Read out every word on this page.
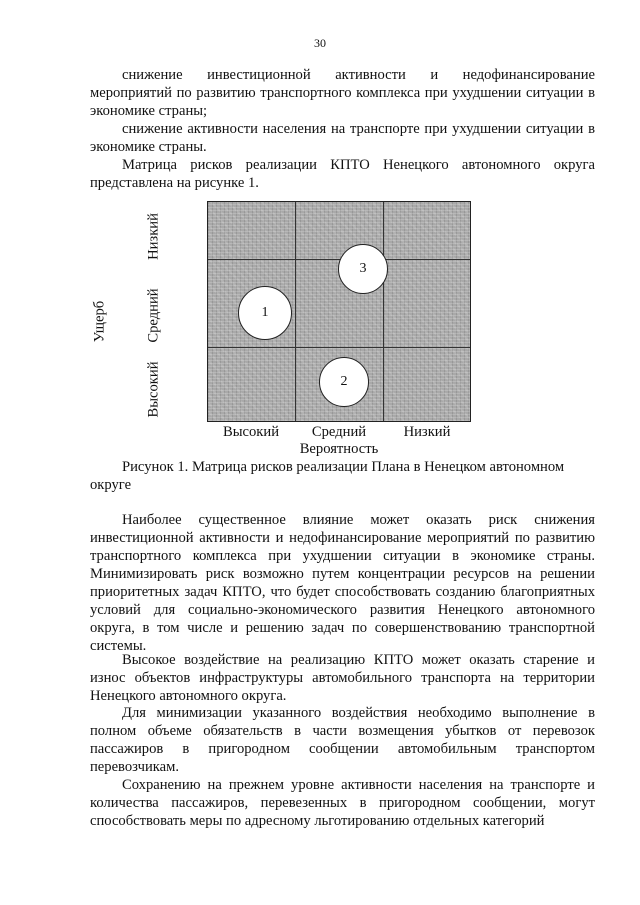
30

снижение инвестиционной активности и недофинансирование мероприятий по развитию транспортного комплекса при ухудшении ситуации в экономике страны;

снижение активности населения на транспорте при ухудшении ситуации в экономике страны.

Матрица рисков реализации КПТО Ненецкого автономного округа представлена на рисунке 1.

Ущерб
Низкий
Средний
Высокий
1
2
3
Высокий	Средний	Низкий
Вероятность

Рисунок 1. Матрица рисков реализации Плана в Ненецком автономном округе

Наиболее существенное влияние может оказать риск снижения инвестиционной активности и недофинансирование мероприятий по развитию транспортного комплекса при ухудшении ситуации в экономике страны. Минимизировать риск возможно путем концентрации ресурсов на решении приоритетных задач КПТО, что будет способствовать созданию благоприятных условий для социально-экономического развития Ненецкого автономного округа, в том числе и решению задач по совершенствованию транспортной системы.

Высокое воздействие на реализацию КПТО может оказать старение и износ объектов инфраструктуры автомобильного транспорта на территории Ненецкого автономного округа.

Для минимизации указанного воздействия необходимо выполнение в полном объеме обязательств в части возмещения убытков от перевозок пассажиров в пригородном сообщении автомобильным транспортом перевозчикам.

Сохранению на прежнем уровне активности населения на транспорте и количества пассажиров, перевезенных в пригородном сообщении, могут способствовать меры по адресному льготированию отдельных категорий
